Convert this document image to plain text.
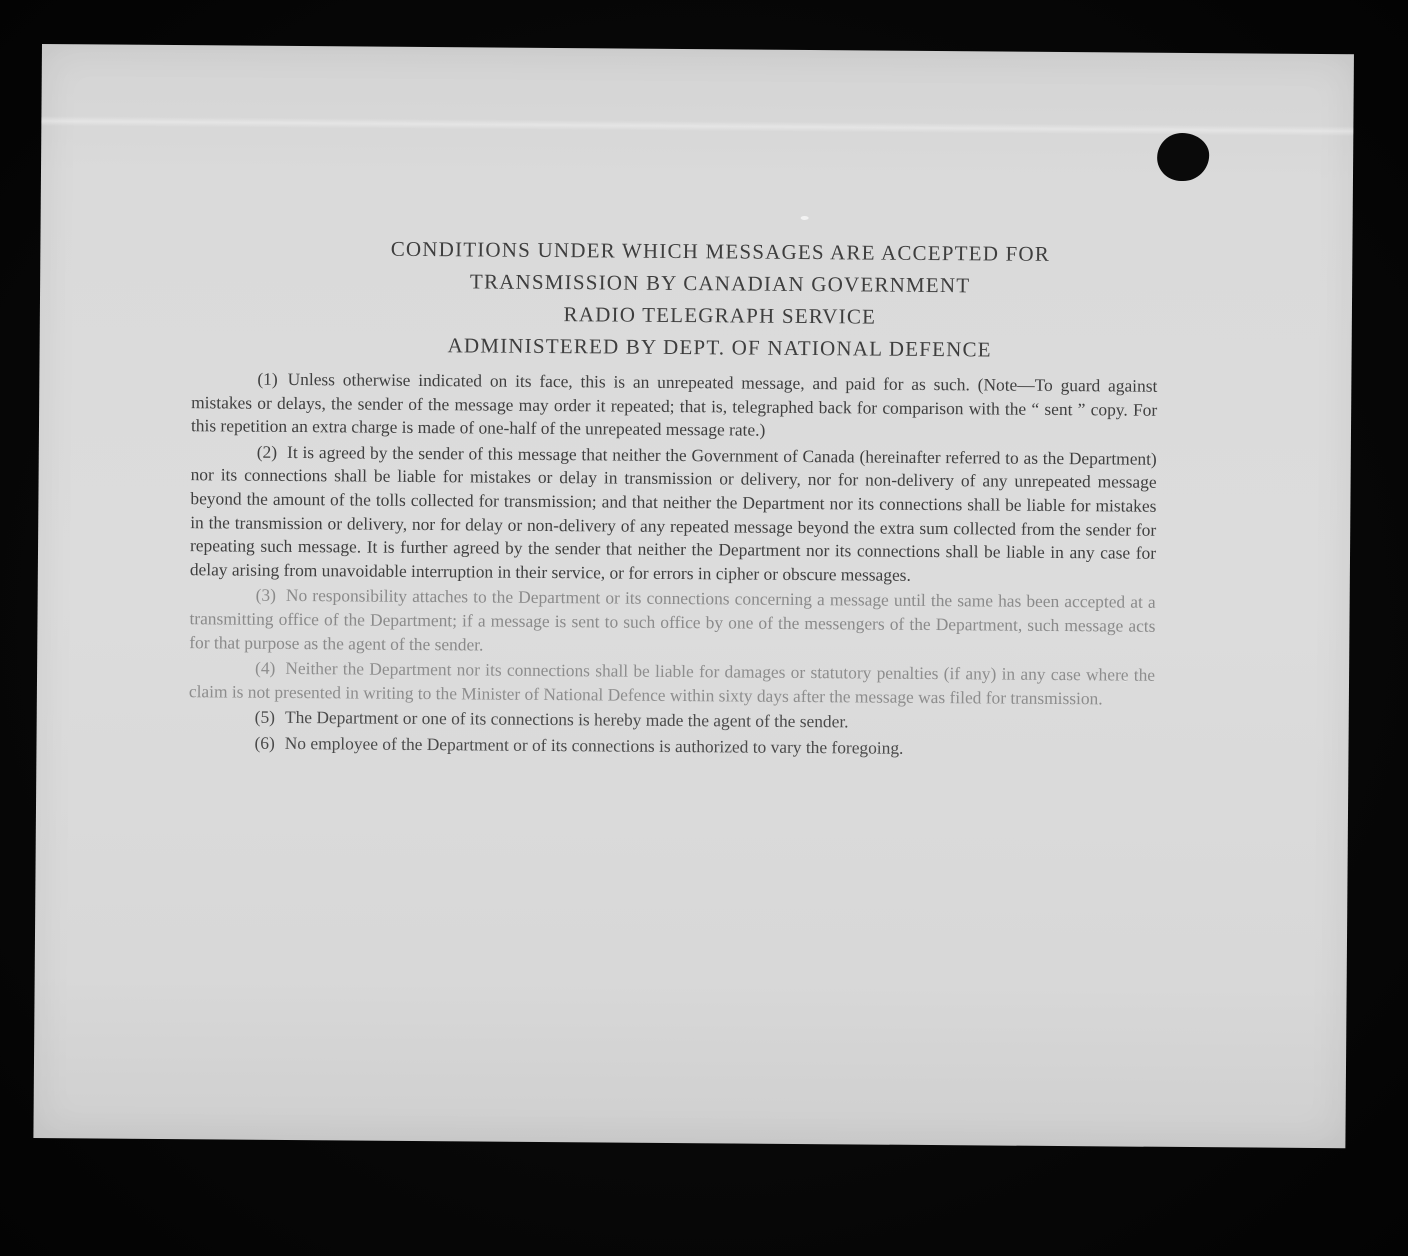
CONDITIONS UNDER WHICH MESSAGES ARE ACCEPTED FOR
TRANSMISSION BY CANADIAN GOVERNMENT
RADIO TELEGRAPH SERVICE
ADMINISTERED BY DEPT. OF NATIONAL DEFENCE

(1) Unless otherwise indicated on its face, this is an unrepeated message, and paid for as such. (Note—To guard against mistakes or delays, the sender of the message may order it repeated; that is, telegraphed back for comparison with the “ sent ” copy. For this repetition an extra charge is made of one-half of the unrepeated message rate.)

(2) It is agreed by the sender of this message that neither the Government of Canada (hereinafter referred to as the Department) nor its connections shall be liable for mistakes or delay in transmission or delivery, nor for non-delivery of any unrepeated message beyond the amount of the tolls collected for transmission; and that neither the Department nor its connections shall be liable for mistakes in the transmission or delivery, nor for delay or non-delivery of any repeated message beyond the extra sum collected from the sender for repeating such message. It is further agreed by the sender that neither the Department nor its connections shall be liable in any case for delay arising from unavoidable interruption in their service, or for errors in cipher or obscure messages.

(3) No responsibility attaches to the Department or its connections concerning a message until the same has been accepted at a transmitting office of the Department; if a message is sent to such office by one of the messengers of the Department, such message acts for that purpose as the agent of the sender.

(4) Neither the Department nor its connections shall be liable for damages or statutory penalties (if any) in any case where the claim is not presented in writing to the Minister of National Defence within sixty days after the message was filed for transmission.

(5) The Department or one of its connections is hereby made the agent of the sender.

(6) No employee of the Department or of its connections is authorized to vary the foregoing.
